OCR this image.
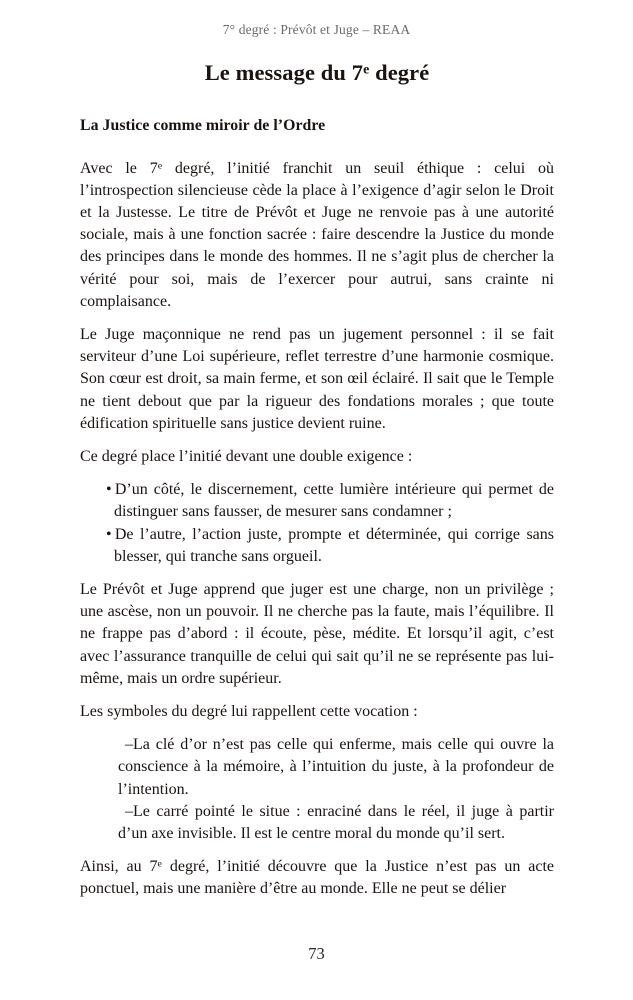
7° degré : Prévôt et Juge – REAA
Le message du 7e degré
La Justice comme miroir de l’Ordre

Avec le 7e degré, l’initié franchit un seuil éthique : celui où l’introspection silencieuse cède la place à l’exigence d’agir selon le Droit et la Justesse. Le titre de Prévôt et Juge ne renvoie pas à une autorité sociale, mais à une fonction sacrée : faire descendre la Justice du monde des principes dans le monde des hommes. Il ne s’agit plus de chercher la vérité pour soi, mais de l’exercer pour autrui, sans crainte ni complaisance.

Le Juge maçonnique ne rend pas un jugement personnel : il se fait serviteur d’une Loi supérieure, reflet terrestre d’une harmonie cosmique. Son cœur est droit, sa main ferme, et son œil éclairé. Il sait que le Temple ne tient debout que par la rigueur des fondations morales ; que toute édification spirituelle sans justice devient ruine.

Ce degré place l’initié devant une double exigence :

•  D’un côté, le discernement, cette lumière intérieure qui permet de distinguer sans fausser, de mesurer sans condamner ;
•  De l’autre, l’action juste, prompte et déterminée, qui corrige sans blesser, qui tranche sans orgueil.

Le Prévôt et Juge apprend que juger est une charge, non un privilège ; une ascèse, non un pouvoir. Il ne cherche pas la faute, mais l’équilibre. Il ne frappe pas d’abord : il écoute, pèse, médite. Et lorsqu’il agit, c’est avec l’assurance tranquille de celui qui sait qu’il ne se représente pas lui-même, mais un ordre supérieur.

Les symboles du degré lui rappellent cette vocation :

–La clé d’or n’est pas celle qui enferme, mais celle qui ouvre la conscience à la mémoire, à l’intuition du juste, à la profondeur de l’intention.
–Le carré pointé le situe : enraciné dans le réel, il juge à partir d’un axe invisible. Il est le centre moral du monde qu’il sert.

Ainsi, au 7e degré, l’initié découvre que la Justice n’est pas un acte ponctuel, mais une manière d’être au monde. Elle ne peut se délier

73
